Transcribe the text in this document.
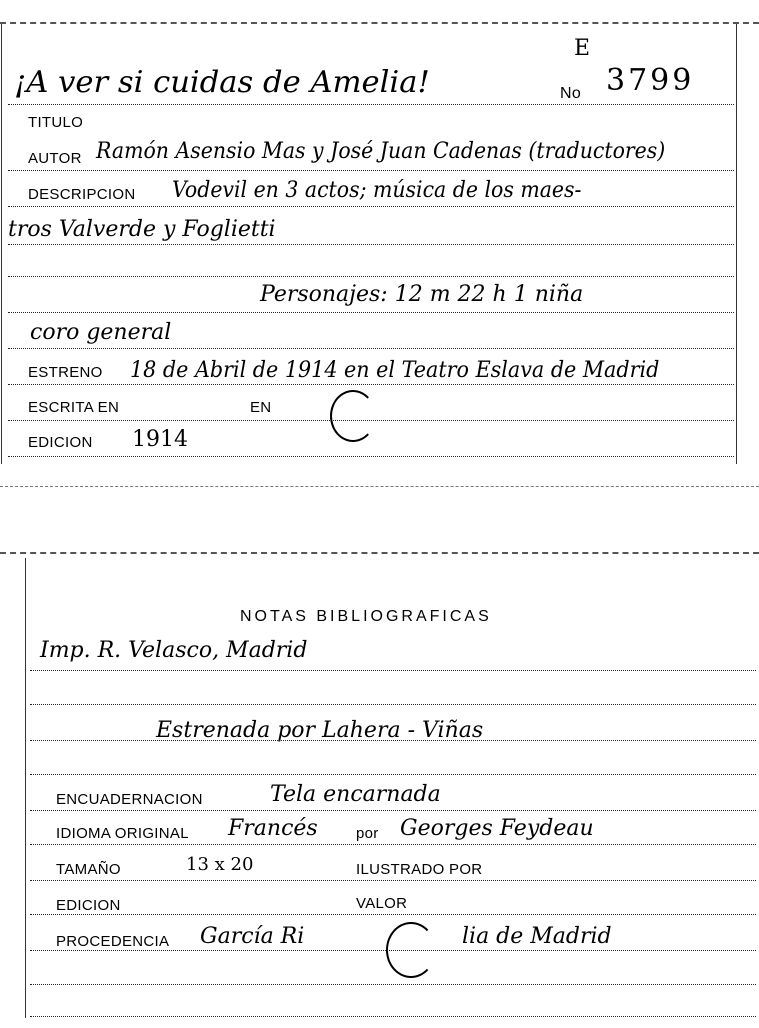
E
¡A ver si cuidas de Amelia!	No 3799
TITULO
AUTOR Ramón Asensio Mas y José Juan Cadenas (traductores)
DESCRIPCION Vodevil en 3 actos; música de los maes-
tros Valverde y Foglietti
Personajes: 12 m 22 h 1 niña
coro general
ESTRENO 18 de Abril de 1914 en el Teatro Eslava de Madrid
ESCRITA EN	EN
EDICION 1914
NOTAS BIBLIOGRAFICAS
Imp. R. Velasco, Madrid
Estrenada por Lahera - Viñas
ENCUADERNACION	Tela encarnada
IDIOMA ORIGINAL Francés	por Georges Feydeau
TAMAÑO	13 x 20	ILUSTRADO POR
EDICION	VALOR
PROCEDENCIA García Ri	lia de Madrid
